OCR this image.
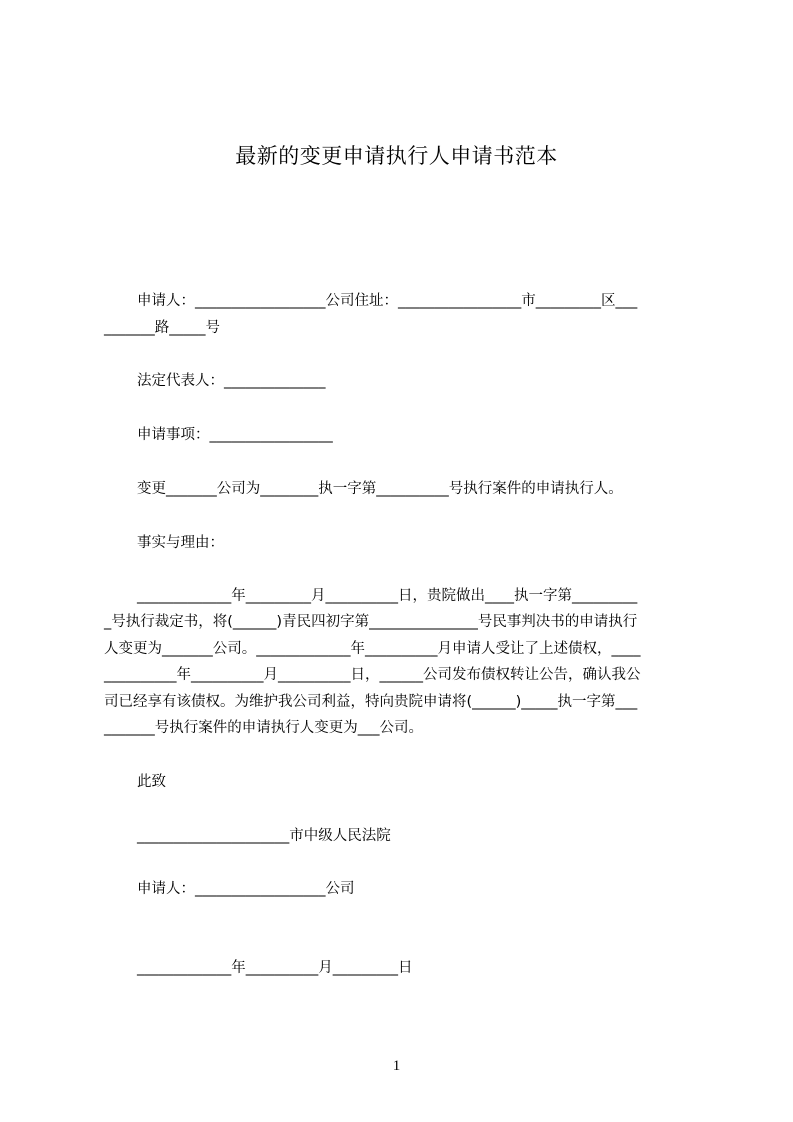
最新的变更申请执行人申请书范本
申请人：__________________公司住址：_________________市_________区___
_______路_____号
法定代表人：______________
申请事项：_________________
变更_______公司为________执一字第__________号执行案件的申请执行人。
事实与理由：
_____________年_________月__________日，贵院做出____执一字第_________
_号执行裁定书，将(______)青民四初字第_______________号民事判决书的申请执行
人变更为_______公司。_____________年__________月申请人受让了上述债权，____
__________年__________月__________日，______公司发布债权转让公告，确认我公
司已经享有该债权。为维护我公司利益，特向贵院申请将(______)_____执一字第___
_______号执行案件的申请执行人变更为___公司。
此致
_____________________市中级人民法院
申请人：__________________公司
_____________年__________月_________日
1
